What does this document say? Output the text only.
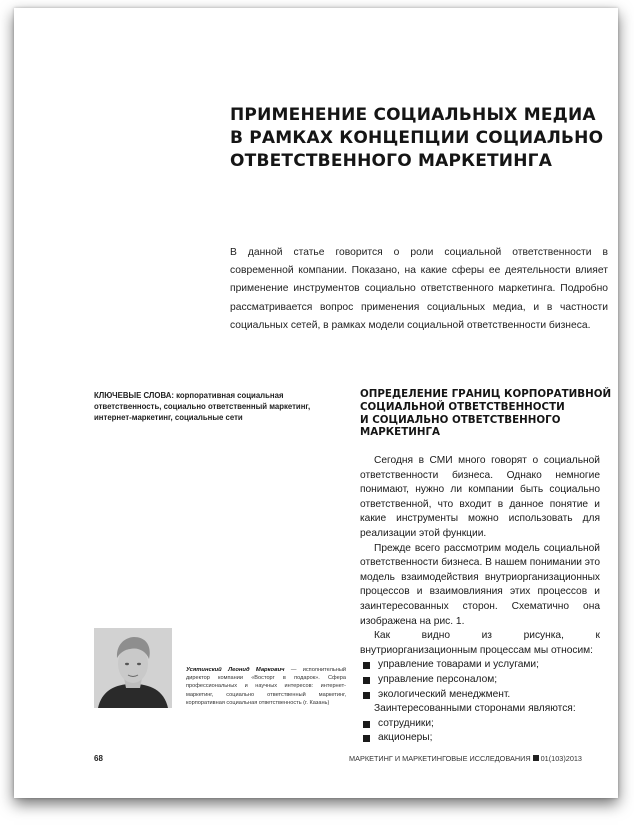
ПРИМЕНЕНИЕ СОЦИАЛЬНЫХ МЕДИА
В РАМКАХ КОНЦЕПЦИИ СОЦИАЛЬНО
ОТВЕТСТВЕННОГО МАРКЕТИНГА
В данной статье говорится о роли социальной ответственности в современной компании. Показано, на какие сферы ее деятельности влияет применение инструментов социально ответственного маркетинга. Подробно рассматривается вопрос применения социальных медиа, и в частности социальных сетей, в рамках модели социальной ответственности бизнеса.
КЛЮЧЕВЫЕ СЛОВА: корпоративная социальная ответственность, социально ответственный маркетинг, интернет-маркетинг, социальные сети
ОПРЕДЕЛЕНИЕ ГРАНИЦ КОРПОРАТИВНОЙ
СОЦИАЛЬНОЙ ОТВЕТСТВЕННОСТИ
И СОЦИАЛЬНО ОТВЕТСТВЕННОГО
МАРКЕТИНГА

Сегодня в СМИ много говорят о социальной ответственности бизнеса. Однако немногие понимают, нужно ли компании быть социально ответственной, что входит в данное понятие и какие инструменты можно использовать для реализации этой функции.

Прежде всего рассмотрим модель социальной ответственности бизнеса. В нашем понимании это модель взаимодействия внутриорганизационных процессов и взаимовлияния этих процессов и заинтересованных сторон. Схематично она изображена на рис. 1.

Как видно из рисунка, к внутриорганизационным процессам мы относим:

управление товарами и услугами;
управление персоналом;
экологический менеджмент.

Заинтересованными сторонами являются:

сотрудники;
акционеры;
Усятинский Леонид Маркович — исполнительный директор компании «Восторг в подарок». Сфера профессиональных и научных интересов: интернет-маркетинг, социально ответственный маркетинг, корпоративная социальная ответственность (г. Казань)
68	МАРКЕТИНГ И МАРКЕТИНГОВЫЕ ИССЛЕДОВАНИЯ 01(103)2013
